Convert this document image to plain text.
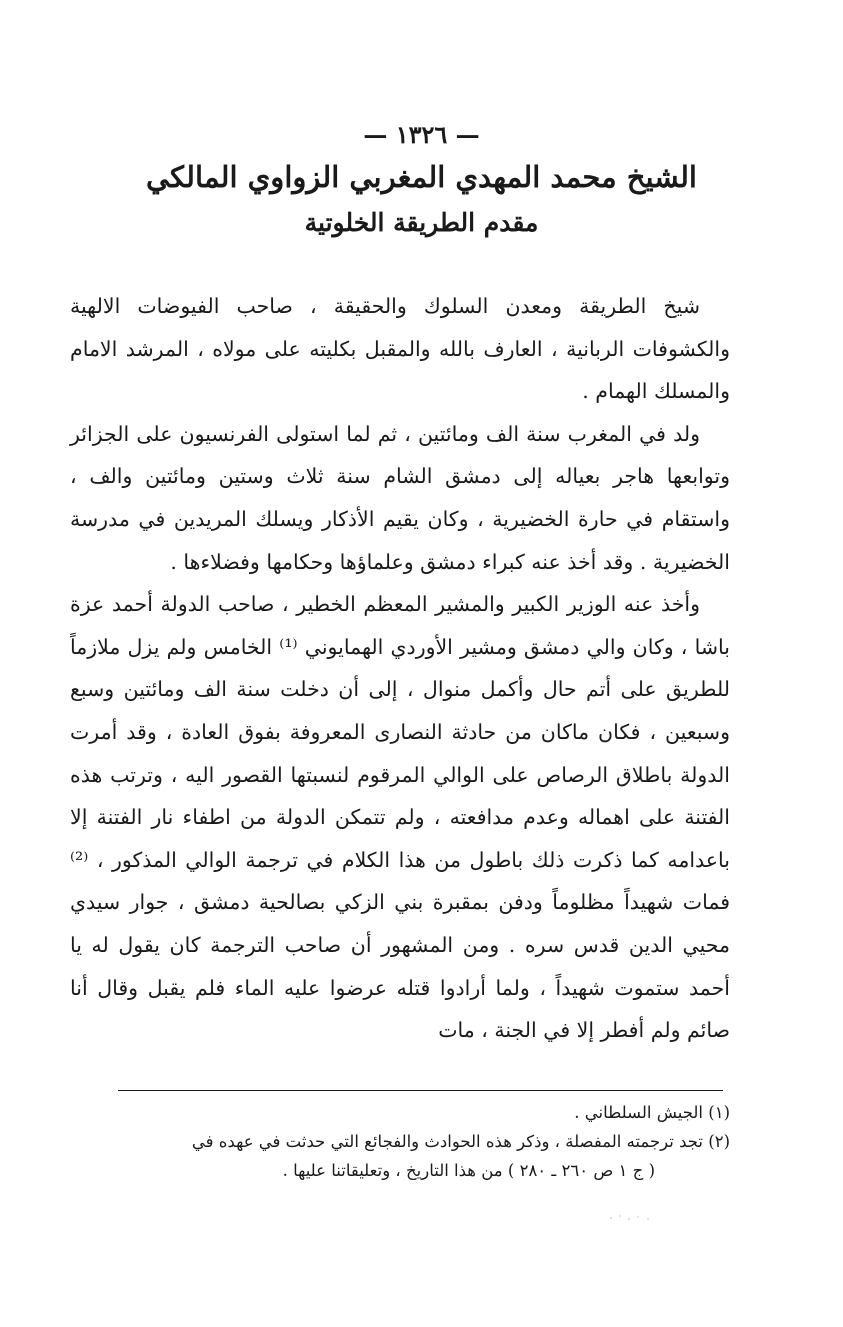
— ١٣٢٦ —
الشيخ محمد المهدي المغربي الزواوي المالكي
مقدم الطريقة الخلوتية

شيخ الطريقة ومعدن السلوك والحقيقة ، صاحب الفيوضات الالهية والكشوفات الربانية ، العارف بالله والمقبل بكليته على مولاه ، المرشد الامام والمسلك الهمام .

ولد في المغرب سنة الف ومائتين ، ثم لما استولى الفرنسيون على الجزائر وتوابعها هاجر بعياله إلى دمشق الشام سنة ثلاث وستين ومائتين والف ، واستقام في حارة الخضيرية ، وكان يقيم الأذكار ويسلك المريدين في مدرسة الخضيرية . وقد أخذ عنه كبراء دمشق وعلماؤها وحكامها وفضلاءها .

وأخذ عنه الوزير الكبير والمشير المعظم الخطير ، صاحب الدولة أحمد عزة باشا ، وكان والي دمشق ومشير الأوردي الهمايوني ⁽¹⁾ الخامس ولم يزل ملازماً للطريق على أتم حال وأكمل منوال ، إلى أن دخلت سنة الف ومائتين وسبع وسبعين ، فكان ماكان من حادثة النصارى المعروفة بفوق العادة ، وقد أمرت الدولة باطلاق الرصاص على الوالي المرقوم لنسبتها القصور اليه ، وترتب هذه الفتنة على اهماله وعدم مدافعته ، ولم تتمكن الدولة من اطفاء نار الفتنة إلا باعدامه كما ذكرت ذلك باطول من هذا الكلام في ترجمة الوالي المذكور ، ⁽²⁾ فمات شهيداً مظلوماً ودفن بمقبرة بني الزكي بصالحية دمشق ، جوار سيدي محيي الدين قدس سره . ومن المشهور أن صاحب الترجمة كان يقول له يا أحمد ستموت شهيداً ، ولما أرادوا قتله عرضوا عليه الماء فلم يقبل وقال أنا صائم ولم أفطر إلا في الجنة ، مات

(١) الجيش السلطاني .

(٢) تجد ترجمته المفصلة ، وذكر هذه الحوادث والفجائع التي حدثت في عهده في

( ج ١ ص ٢٦٠ ـ ٢٨٠ ) من هذا التاريخ ، وتعليقاتنا عليها .
